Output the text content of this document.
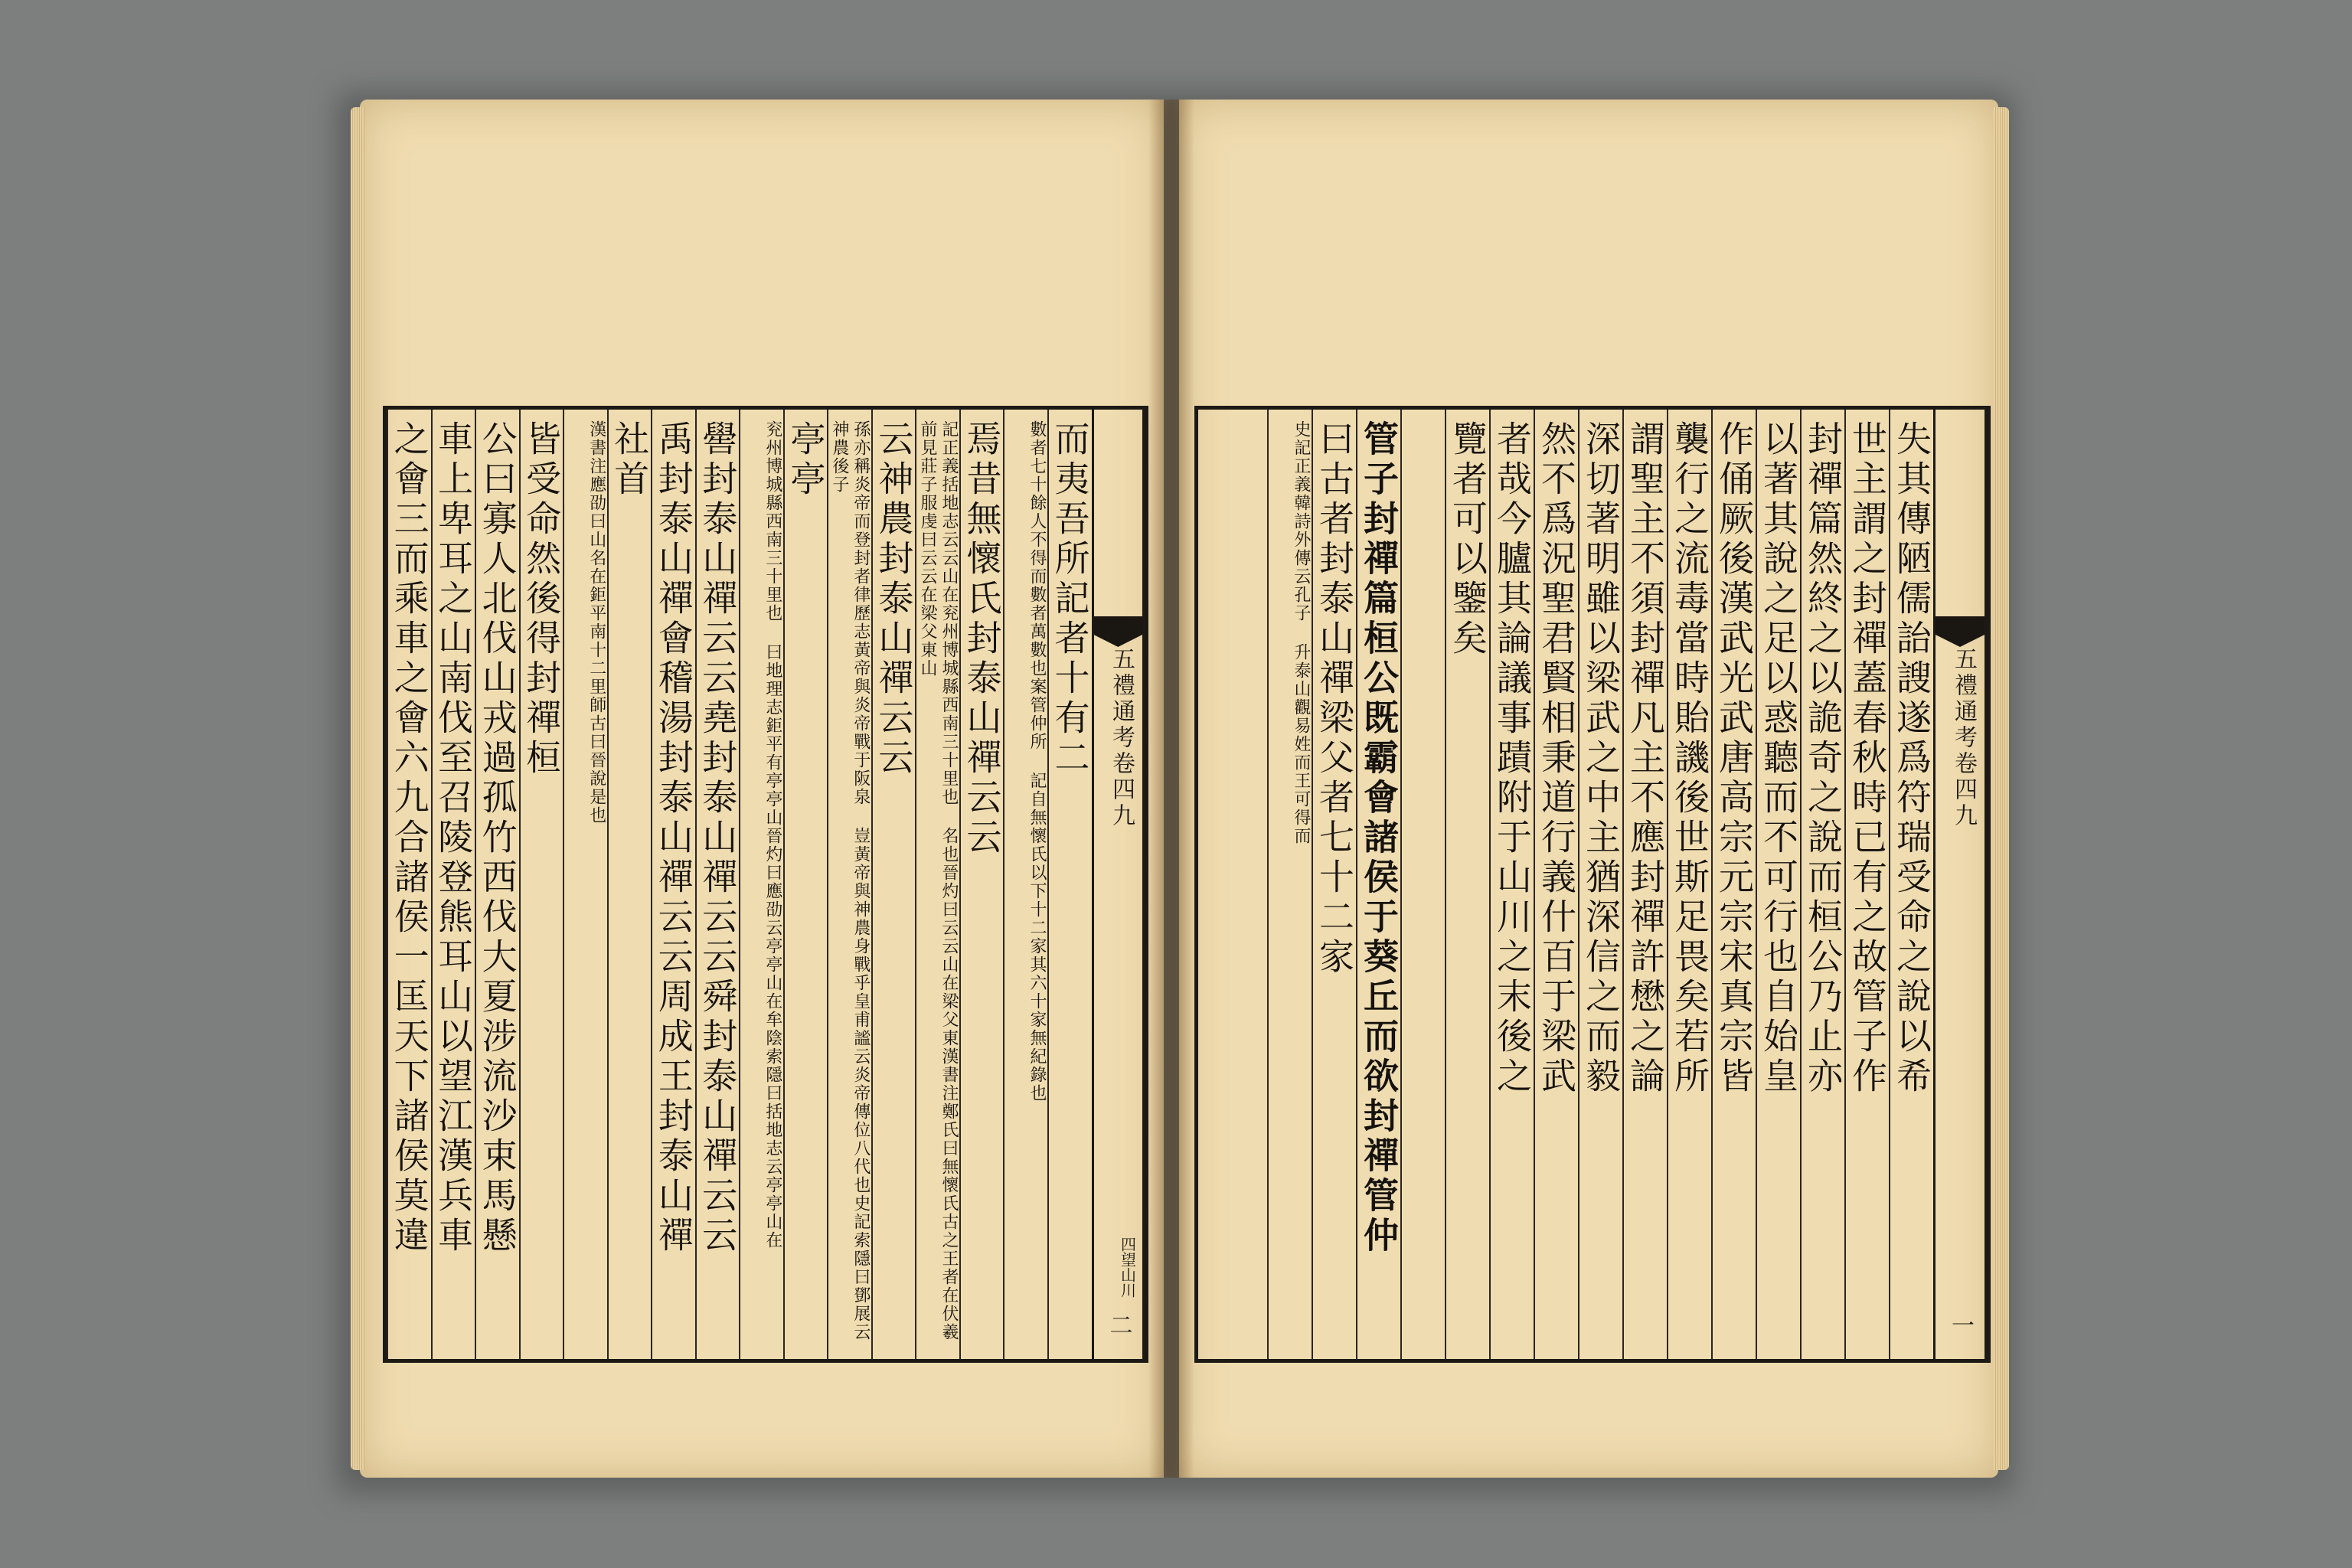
五禮通考卷四九
四望山川
二
而夷吾所記者十有二
數者七十餘人不得而數者萬數也案管仲所 記自無懷氏以下十二家其六十家無紀錄也
焉昔無懷氏封泰山禪云云
記正義括地志云云山在兖州博城縣西南三十里也 名也晉灼曰云云山在梁父東漢書注鄭氏曰無懷氏古之王者在伏羲前見莊子服虔曰云云在梁父東山
云神農封泰山禪云云
孫亦稱炎帝而登封者律歷志黃帝與炎帝戰于阪泉 豈黃帝與神農身戰乎皇甫謐云炎帝傳位八代也史記索隱曰鄧展云神農後子
亭亭
兖州博城縣西南三十里也 曰地理志鉅平有亭亭山晉灼曰應劭云亭亭山在牟陰索隱曰括地志云亭亭山在
嚳封泰山禪云云堯封泰山禪云云舜封泰山禪云云
禹封泰山禪會稽湯封泰山禪云云周成王封泰山禪
社首
漢書注應劭曰山名在鉅平南十二里師古曰晉說是也
皆受命然後得封禪桓
公曰寡人北伐山戎過孤竹西伐大夏涉流沙束馬懸
車上卑耳之山南伐至召陵登熊耳山以望江漢兵車
之會三而乘車之會六九合諸侯一匡天下諸侯莫違	五禮通考卷四九
一
失其傳陋儒詒謏遂爲符瑞受命之說以希
世主謂之封禪蓋春秋時已有之故管子作
封禪篇然終之以詭奇之說而桓公乃止亦
以著其說之足以惑聽而不可行也自始皇
作俑厥後漢武光武唐高宗元宗宋真宗皆
襲行之流毒當時貽譏後世斯足畏矣若所
謂聖主不須封禪凡主不應封禪許懋之論
深切著明雖以梁武之中主猶深信之而毅
然不爲況聖君賢相秉道行義什百于梁武
者哉今臚其論議事蹟附于山川之末後之
覽者可以鑒矣
管子封禪篇桓公既霸會諸侯于葵丘而欲封禪管仲
曰古者封泰山禪梁父者七十二家
史記正義韓詩外傳云孔子 升泰山觀易姓而王可得而
